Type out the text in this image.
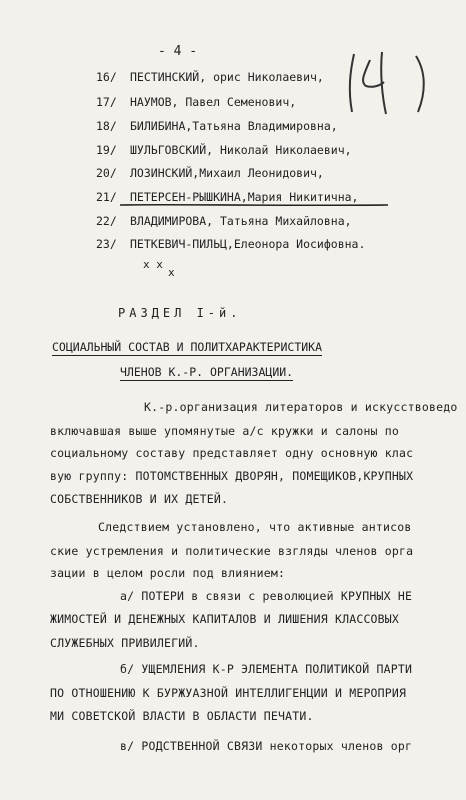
- 4 -
16/ ПЕСТИНСКИЙ, орис Николаевич,
17/ НАУМОВ, Павел Семенович,
18/ БИЛИБИНА,Татьяна Владимировна,
19/ ШУЛЬГОВСКИЙ, Николай Николаевич,
20/ ЛОЗИНСКИЙ,Михаил Леонидович,
21/ ПЕТЕРСЕН-РЫШКИНА,Мария Никитична,
22/ ВЛАДИМИРОВА, Татьяна Михайловна,
23/ ПЕТКЕВИЧ-ПИЛЬЦ,Елеонора Иосифовна.
x x
x
РАЗДЕЛ I-й.
СОЦИАЛЬНЫЙ СОСТАВ И ПОЛИТХАРАКТЕРИСТИКА
ЧЛЕНОВ К.-Р. ОРГАНИЗАЦИИ.
К.-р.организация литераторов и искусствоведо
включавшая выше упомянутые а/с кружки и салоны по
социальному составу представляет одну основную клас
вую группу: ПОТОМСТВЕННЫХ ДВОРЯН, ПОМЕЩИКОВ,КРУПНЫХ
СОБСТВЕННИКОВ И ИХ ДЕТЕЙ.
Следствием установлено, что активные антисов
ские устремления и политические взгляды членов орга
зации в целом росли под влиянием:
а/ ПОТЕРИ в связи с революцией КРУПНЫХ НЕ
ЖИМОСТЕЙ И ДЕНЕЖНЫХ КАПИТАЛОВ И ЛИШЕНИЯ КЛАССОВЫХ
СЛУЖЕБНЫХ ПРИВИЛЕГИЙ.
б/ УЩЕМЛЕНИЯ К-Р ЭЛЕМЕНТА ПОЛИТИКОЙ ПАРТИ
ПО ОТНОШЕНИЮ К БУРЖУАЗНОЙ ИНТЕЛЛИГЕНЦИИ И МЕРОПРИЯ
МИ СОВЕТСКОЙ ВЛАСТИ В ОБЛАСТИ ПЕЧАТИ.
в/ РОДСТВЕННОЙ СВЯЗИ некоторых членов орг
